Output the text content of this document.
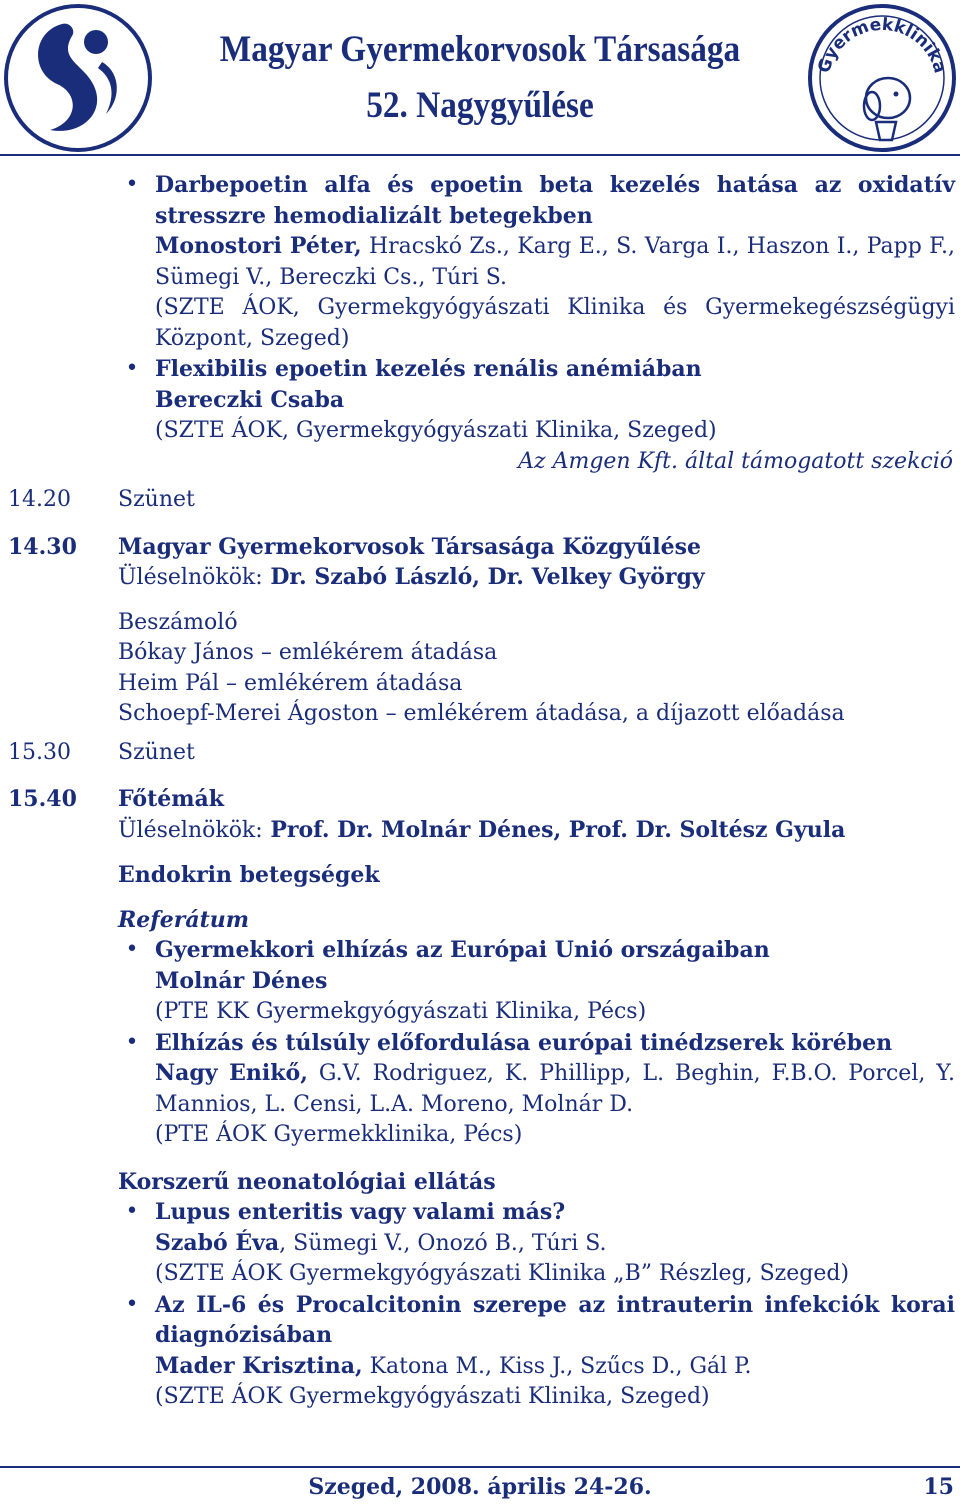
Magyar Gyermekorvosok Társasága
52. Nagygyűlése
Gyermekklinika
• Darbepoetin alfa és epoetin beta kezelés hatása az oxidatív stresszre hemodializált betegekben
Monostori Péter, Hracskó Zs., Karg E., S. Varga I., Haszon I., Papp F., Sümegi V., Bereczki Cs., Túri S.
(SZTE ÁOK, Gyermekgyógyászati Klinika és Gyermekegészségügyi Központ, Szeged)
• Flexibilis epoetin kezelés renális anémiában
Bereczki Csaba
(SZTE ÁOK, Gyermekgyógyászati Klinika, Szeged)
Az Amgen Kft. által támogatott szekció
14.20 Szünet
14.30 Magyar Gyermekorvosok Társasága Közgyűlése
Üléselnökök: Dr. Szabó László, Dr. Velkey György
Beszámoló
Bókay János – emlékérem átadása
Heim Pál – emlékérem átadása
Schoepf-Merei Ágoston – emlékérem átadása, a díjazott előadása
15.30 Szünet
15.40 Főtémák
Üléselnökök: Prof. Dr. Molnár Dénes, Prof. Dr. Soltész Gyula
Endokrin betegségek
Referátum
• Gyermekkori elhízás az Európai Unió országaiban
Molnár Dénes
(PTE KK Gyermekgyógyászati Klinika, Pécs)
• Elhízás és túlsúly előfordulása európai tinédzserek körében
Nagy Enikő, G.V. Rodriguez, K. Phillipp, L. Beghin, F.B.O. Porcel, Y. Mannios, L. Censi, L.A. Moreno, Molnár D.
(PTE ÁOK Gyermekklinika, Pécs)
Korszerű neonatológiai ellátás
• Lupus enteritis vagy valami más?
Szabó Éva, Sümegi V., Onozó B., Túri S.
(SZTE ÁOK Gyermekgyógyászati Klinika „B” Részleg, Szeged)
• Az IL-6 és Procalcitonin szerepe az intrauterin infekciók korai diagnózisában
Mader Krisztina, Katona M., Kiss J., Szűcs D., Gál P.
(SZTE ÁOK Gyermekgyógyászati Klinika, Szeged)
Szeged, 2008. április 24-26.	15
